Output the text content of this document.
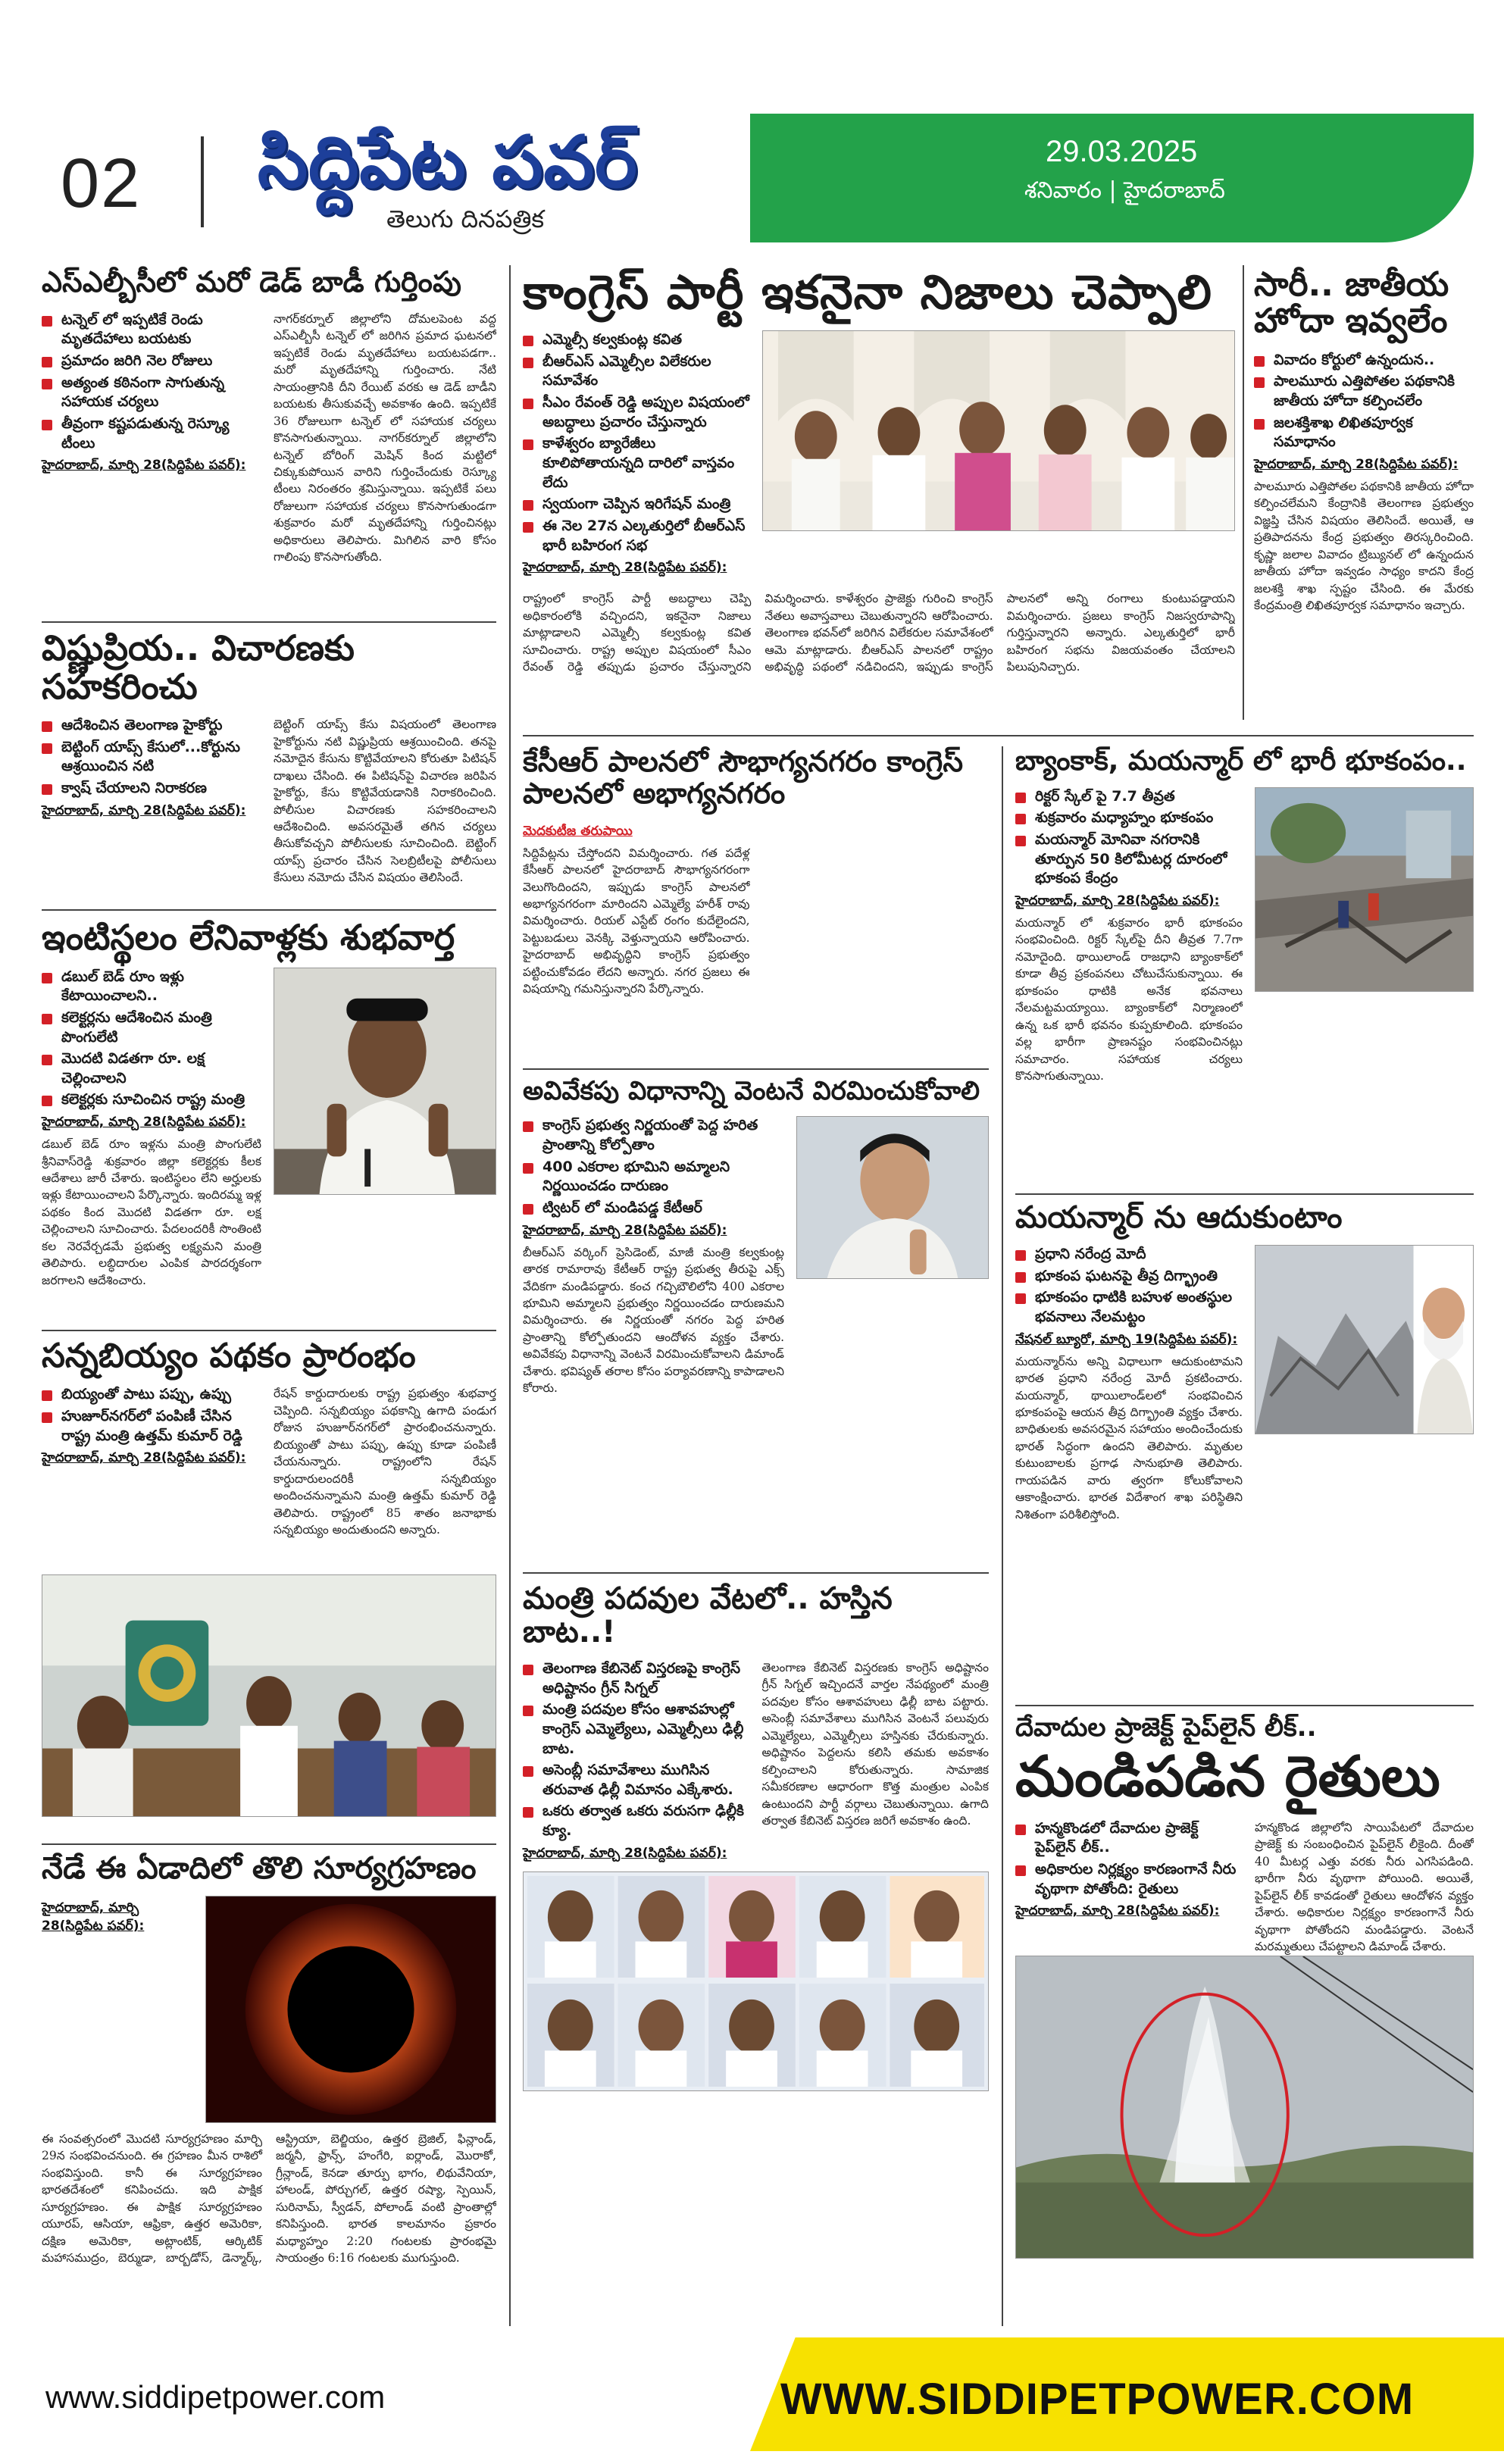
02 సిద్దిపేట పవర్
తెలుగు దినపత్రిక
29.03.2025
శనివారం | హైదరాబాద్
ఎస్ఎల్బీసీలో మరో డెడ్ బాడీ గుర్తింపు
టన్నెల్ లో ఇప్పటికే రెండు మృతదేహాలు బయటకు
ప్రమాదం జరిగి నెల రోజులు
అత్యంత కఠినంగా సాగుతున్న సహాయక చర్యలు
తీవ్రంగా కష్టపడుతున్న రెస్క్యూ టీంలు
హైదరాబాద్, మార్చి 28(సిద్దిపేట పవర్):
నాగర్‌కర్నూల్ జిల్లాలోని దోమలపెంట వద్ద ఎస్ఎల్బీసీ టన్నెల్ లో జరిగిన ప్రమాద ఘటనలో ఇప్పటికే రెండు మృతదేహాలు బయటపడగా.. మరో మృతదేహాన్ని గుర్తించారు. నేటి సాయంత్రానికి దీని రేయిట్ వరకు ఆ డెడ్ బాడీని బయటకు తీసుకువచ్చే అవకాశం ఉంది. ఇప్పటికే 36 రోజులుగా టన్నెల్ లో సహాయక చర్యలు కొనసాగుతున్నాయి. నాగర్‌కర్నూల్ జిల్లాలోని టన్నెల్ బోరింగ్ మెషిన్ కింద మట్టిలో చిక్కుకుపోయిన వారిని గుర్తించేందుకు రెస్క్యూ టీంలు నిరంతరం శ్రమిస్తున్నాయి. ఇప్పటికే పలు రోజులుగా సహాయక చర్యలు కొనసాగుతుండగా శుక్రవారం మరో మృతదేహాన్ని గుర్తించినట్లు అధికారులు తెలిపారు. మిగిలిన వారి కోసం గాలింపు కొనసాగుతోంది.
విష్ణుప్రియ.. విచారణకు సహకరించు
ఆదేశించిన తెలంగాణ హైకోర్టు
బెట్టింగ్ యాప్స్ కేసులో...కోర్టును ఆశ్రయించిన నటి
క్వాష్ చేయాలని నిరాకరణ
హైదరాబాద్, మార్చి 28(సిద్దిపేట పవర్):
బెట్టింగ్ యాప్స్ కేసు విషయంలో తెలంగాణ హైకోర్టును నటి విష్ణుప్రియ ఆశ్రయించింది. తనపై నమోదైన కేసును కొట్టివేయాలని కోరుతూ పిటిషన్ దాఖలు చేసింది. ఈ పిటిషన్‌పై విచారణ జరిపిన హైకోర్టు, కేసు కొట్టివేయడానికి నిరాకరించింది. పోలీసుల విచారణకు సహకరించాలని ఆదేశించింది. అవసరమైతే తగిన చర్యలు తీసుకోవచ్చని పోలీసులకు సూచించింది. బెట్టింగ్ యాప్స్ ప్రచారం చేసిన సెలబ్రిటీలపై పోలీసులు కేసులు నమోదు చేసిన విషయం తెలిసిందే.
ఇంటిస్థలం లేనివాళ్లకు శుభవార్త
డబుల్ బెడ్ రూం ఇళ్లు కేటాయించాలని..
కలెక్టర్లను ఆదేశించిన మంత్రి పొంగులేటి
మొదటి విడతగా రూ. లక్ష చెల్లించాలని
కలెక్టర్లకు సూచించిన రాష్ట్ర మంత్రి
హైదరాబాద్, మార్చి 28(సిద్దిపేట పవర్):
డబుల్ బెడ్ రూం ఇళ్లను మంత్రి పొంగులేటి శ్రీనివాస్‌రెడ్డి శుక్రవారం జిల్లా కలెక్టర్లకు కీలక ఆదేశాలు జారీ చేశారు. ఇంటిస్థలం లేని అర్హులకు ఇళ్లు కేటాయించాలని పేర్కొన్నారు. ఇందిరమ్మ ఇళ్ల పథకం కింద మొదటి విడతగా రూ. లక్ష చెల్లించాలని సూచించారు. పేదలందరికీ సొంతింటి కల నెరవేర్చడమే ప్రభుత్వ లక్ష్యమని మంత్రి తెలిపారు. లబ్ధిదారుల ఎంపిక పారదర్శకంగా జరగాలని ఆదేశించారు.
సన్నబియ్యం పథకం ప్రారంభం
బియ్యంతో పాటు పప్పు, ఉప్పు
హుజూర్‌నగర్‌లో పంపిణీ చేసిన రాష్ట్ర మంత్రి ఉత్తమ్ కుమార్ రెడ్డి
హైదరాబాద్, మార్చి 28(సిద్దిపేట పవర్):
రేషన్ కార్డుదారులకు రాష్ట్ర ప్రభుత్వం శుభవార్త చెప్పింది. సన్నబియ్యం పథకాన్ని ఉగాది పండుగ రోజున హుజూర్‌నగర్‌లో ప్రారంభించనున్నారు. బియ్యంతో పాటు పప్పు, ఉప్పు కూడా పంపిణీ చేయనున్నారు. రాష్ట్రంలోని రేషన్ కార్డుదారులందరికీ సన్నబియ్యం అందించనున్నామని మంత్రి ఉత్తమ్ కుమార్ రెడ్డి తెలిపారు. రాష్ట్రంలో 85 శాతం జనాభాకు సన్నబియ్యం అందుతుందని అన్నారు.
నేడే ఈ ఏడాదిలో తొలి సూర్యగ్రహణం
హైదరాబాద్, మార్చి 28(సిద్దిపేట పవర్):
ఈ సంవత్సరంలో మొదటి సూర్యగ్రహణం మార్చి 29న సంభవించనుంది. ఈ గ్రహణం మీన రాశిలో సంభవిస్తుంది. కానీ ఈ సూర్యగ్రహణం భారతదేశంలో కనిపించదు. ఇది పాక్షిక సూర్యగ్రహణం. ఈ పాక్షిక సూర్యగ్రహణం యూరప్, ఆసియా, ఆఫ్రికా, ఉత్తర అమెరికా, దక్షిణ అమెరికా, అట్లాంటిక్, ఆర్కిటిక్ మహాసముద్రం, బెర్ముడా, బార్బడోస్, డెన్మార్క్, ఆస్ట్రియా, బెల్జియం, ఉత్తర బ్రెజిల్, ఫిన్లాండ్, జర్మనీ, ఫ్రాన్స్, హంగేరి, ఐర్లాండ్, మొరాకో, గ్రీన్లాండ్, కెనడా తూర్పు భాగం, లిథువేనియా, హాలండ్, పోర్చుగల్, ఉత్తర రష్యా, స్పెయిన్, సురినామ్, స్వీడన్, పోలాండ్ వంటి ప్రాంతాల్లో కనిపిస్తుంది. భారత కాలమానం ప్రకారం మధ్యాహ్నం 2:20 గంటలకు ప్రారంభమై సాయంత్రం 6:16 గంటలకు ముగుస్తుంది.
కాంగ్రెస్ పార్టీ ఇకనైనా నిజాలు చెప్పాలి
ఎమ్మెల్సీ కల్వకుంట్ల కవిత
బీఆర్ఎస్ ఎమ్మెల్సీల విలేకరుల సమావేశం
సీఎం రేవంత్ రెడ్డి అప్పుల విషయంలో అబద్ధాలు ప్రచారం చేస్తున్నారు
కాళేశ్వరం బ్యారేజీలు కూలిపోతాయన్నది దారిలో వాస్తవం లేదు
స్వయంగా చెప్పిన ఇరిగేషన్ మంత్రి
ఈ నెల 27న ఎల్కతుర్తిలో బీఆర్ఎస్ భారీ బహిరంగ సభ
హైదరాబాద్, మార్చి 28(సిద్దిపేట పవర్):
రాష్ట్రంలో కాంగ్రెస్ పార్టీ అబద్ధాలు చెప్పి అధికారంలోకి వచ్చిందని, ఇకనైనా నిజాలు మాట్లాడాలని ఎమ్మెల్సీ కల్వకుంట్ల కవిత సూచించారు. రాష్ట్ర అప్పుల విషయంలో సీఎం రేవంత్ రెడ్డి తప్పుడు ప్రచారం చేస్తున్నారని విమర్శించారు. కాళేశ్వరం ప్రాజెక్టు గురించి కాంగ్రెస్ నేతలు అవాస్తవాలు చెబుతున్నారని ఆరోపించారు. తెలంగాణ భవన్‌లో జరిగిన విలేకరుల సమావేశంలో ఆమె మాట్లాడారు. బీఆర్ఎస్ పాలనలో రాష్ట్రం అభివృద్ధి పథంలో నడిచిందని, ఇప్పుడు కాంగ్రెస్ పాలనలో అన్ని రంగాలు కుంటుపడ్డాయని విమర్శించారు. ప్రజలు కాంగ్రెస్ నిజస్వరూపాన్ని గుర్తిస్తున్నారని అన్నారు. ఎల్కతుర్తిలో భారీ బహిరంగ సభను విజయవంతం చేయాలని పిలుపునిచ్చారు.
సారీ.. జాతీయ హోదా ఇవ్వలేం
వివాదం కోర్టులో ఉన్నందున..
పాలమూరు ఎత్తిపోతల పథకానికి జాతీయ హోదా కల్పించలేం
జలశక్తిశాఖ లిఖితపూర్వక సమాధానం
హైదరాబాద్, మార్చి 28(సిద్దిపేట పవర్):
పాలమూరు ఎత్తిపోతల పథకానికి జాతీయ హోదా కల్పించలేమని కేంద్రానికి తెలంగాణ ప్రభుత్వం విజ్ఞప్తి చేసిన విషయం తెలిసిందే. అయితే, ఆ ప్రతిపాదనను కేంద్ర ప్రభుత్వం తిరస్కరించింది. కృష్ణా జలాల వివాదం ట్రిబ్యునల్ లో ఉన్నందున జాతీయ హోదా ఇవ్వడం సాధ్యం కాదని కేంద్ర జలశక్తి శాఖ స్పష్టం చేసింది. ఈ మేరకు కేంద్రమంత్రి లిఖితపూర్వక సమాధానం ఇచ్చారు.
కేసీఆర్ పాలనలో సౌభాగ్యనగరం కాంగ్రెస్ పాలనలో అభాగ్యనగరం
మెదకుటీజ తరుపాయి
సిద్దిపేట్లను చేస్తోందని విమర్శించారు. గత పదేళ్ల కేసీఆర్ పాలనలో హైదరాబాద్ సౌభాగ్యనగరంగా వెలుగొందిందని, ఇప్పుడు కాంగ్రెస్ పాలనలో అభాగ్యనగరంగా మారిందని ఎమ్మెల్యే హరీశ్ రావు విమర్శించారు. రియల్ ఎస్టేట్ రంగం కుదేలైందని, పెట్టుబడులు వెనక్కి వెళ్తున్నాయని ఆరోపించారు. హైదరాబాద్ అభివృద్ధిని కాంగ్రెస్ ప్రభుత్వం పట్టించుకోవడం లేదని అన్నారు. నగర ప్రజలు ఈ విషయాన్ని గమనిస్తున్నారని పేర్కొన్నారు.
అవివేకపు విధానాన్ని వెంటనే విరమించుకోవాలి
కాంగ్రెస్ ప్రభుత్వ నిర్ణయంతో పెద్ద హరిత ప్రాంతాన్ని కోల్పోతాం
400 ఎకరాల భూమిని అమ్మాలని నిర్ణయించడం దారుణం
ట్విటర్ లో మండిపడ్డ కేటీఆర్
హైదరాబాద్, మార్చి 28(సిద్దిపేట పవర్):
బీఆర్ఎస్ వర్కింగ్ ప్రెసిడెంట్, మాజీ మంత్రి కల్వకుంట్ల తారక రామారావు కేటీఆర్ రాష్ట్ర ప్రభుత్వ తీరుపై ఎక్స్ వేదికగా మండిపడ్డారు. కంచ గచ్చిబౌలిలోని 400 ఎకరాల భూమిని అమ్మాలని ప్రభుత్వం నిర్ణయించడం దారుణమని విమర్శించారు. ఈ నిర్ణయంతో నగరం పెద్ద హరిత ప్రాంతాన్ని కోల్పోతుందని ఆందోళన వ్యక్తం చేశారు. అవివేకపు విధానాన్ని వెంటనే విరమించుకోవాలని డిమాండ్ చేశారు. భవిష్యత్ తరాల కోసం పర్యావరణాన్ని కాపాడాలని కోరారు.
మంత్రి పదవుల వేటలో.. హస్తిన బాట..!
తెలంగాణ కేబినెట్ విస్తరణపై కాంగ్రెస్ అధిష్టానం గ్రీన్ సిగ్నల్
మంత్రి పదవుల కోసం ఆశావహుల్లో కాంగ్రెస్ ఎమ్మెల్యేలు, ఎమ్మెల్సీలు ఢిల్లీ బాట.
అసెంబ్లీ సమావేశాలు ముగిసిన తరువాత ఢిల్లీ విమానం ఎక్కేశారు.
ఒకరు తర్వాత ఒకరు వరుసగా ఢిల్లీకి క్యూ.
హైదరాబాద్, మార్చి 28(సిద్దిపేట పవర్):
తెలంగాణ కేబినెట్ విస్తరణకు కాంగ్రెస్ అధిష్టానం గ్రీన్ సిగ్నల్ ఇచ్చిందనే వార్తల నేపథ్యంలో మంత్రి పదవుల కోసం ఆశావహులు ఢిల్లీ బాట పట్టారు. అసెంబ్లీ సమావేశాలు ముగిసిన వెంటనే పలువురు ఎమ్మెల్యేలు, ఎమ్మెల్సీలు హస్తినకు చేరుకున్నారు. అధిష్టానం పెద్దలను కలిసి తమకు అవకాశం కల్పించాలని కోరుతున్నారు. సామాజిక సమీకరణాల ఆధారంగా కొత్త మంత్రుల ఎంపిక ఉంటుందని పార్టీ వర్గాలు చెబుతున్నాయి. ఉగాది తర్వాత కేబినెట్ విస్తరణ జరిగే అవకాశం ఉంది.
బ్యాంకాక్, మయన్మార్ లో భారీ భూకంపం..
రిక్టర్ స్కేల్ పై 7.7 తీవ్రత
శుక్రవారం మధ్యాహ్నం భూకంపం
మయన్మార్ మోనివా నగరానికి తూర్పున 50 కిలోమీటర్ల దూరంలో భూకంప కేంద్రం
హైదరాబాద్, మార్చి 28(సిద్దిపేట పవర్):
మయన్మార్ లో శుక్రవారం భారీ భూకంపం సంభవించింది. రిక్టర్ స్కేల్‌పై దీని తీవ్రత 7.7గా నమోదైంది. థాయిలాండ్ రాజధాని బ్యాంకాక్‌లో కూడా తీవ్ర ప్రకంపనలు చోటుచేసుకున్నాయి. ఈ భూకంపం ధాటికి అనేక భవనాలు నేలమట్టమయ్యాయి. బ్యాంకాక్‌లో నిర్మాణంలో ఉన్న ఒక భారీ భవనం కుప్పకూలింది. భూకంపం వల్ల భారీగా ప్రాణనష్టం సంభవించినట్లు సమాచారం. సహాయక చర్యలు కొనసాగుతున్నాయి.
మయన్మార్ ను ఆదుకుంటాం
ప్రధాని నరేంద్ర మోదీ
భూకంప ఘటనపై తీవ్ర దిగ్భ్రాంతి
భూకంపం ధాటికి బహుళ అంతస్థుల భవనాలు నేలమట్టం
నేషనల్ బ్యూరో, మార్చి 19(సిద్దిపేట పవర్):
మయన్మార్‌ను అన్ని విధాలుగా ఆదుకుంటామని భారత ప్రధాని నరేంద్ర మోదీ ప్రకటించారు. మయన్మార్, థాయిలాండ్‌లలో సంభవించిన భూకంపంపై ఆయన తీవ్ర దిగ్భ్రాంతి వ్యక్తం చేశారు. బాధితులకు అవసరమైన సహాయం అందించేందుకు భారత్ సిద్ధంగా ఉందని తెలిపారు. మృతుల కుటుంబాలకు ప్రగాఢ సానుభూతి తెలిపారు. గాయపడిన వారు త్వరగా కోలుకోవాలని ఆకాంక్షించారు. భారత విదేశాంగ శాఖ పరిస్థితిని నిశితంగా పరిశీలిస్తోంది.
దేవాదుల ప్రాజెక్ట్ పైప్‌లైన్ లీక్..
మండిపడిన రైతులు
హన్మకొండలో దేవాదుల ప్రాజెక్ట్ పైప్‌లైన్ లీక్..
అధికారుల నిర్లక్ష్యం కారణంగానే నీరు వృథాగా పోతోంది: రైతులు
హైదరాబాద్, మార్చి 28(సిద్దిపేట పవర్):
హన్మకొండ జిల్లాలోని సాయిపేటలో దేవాదుల ప్రాజెక్ట్ కు సంబంధించిన పైప్‌లైన్ లీకైంది. దీంతో 40 మీటర్ల ఎత్తు వరకు నీరు ఎగసిపడింది. భారీగా నీరు వృథాగా పోయింది. అయితే, పైప్‌లైన్ లీక్ కావడంతో రైతులు ఆందోళన వ్యక్తం చేశారు. అధికారుల నిర్లక్ష్యం కారణంగానే నీరు వృథాగా పోతోందని మండిపడ్డారు. వెంటనే మరమ్మతులు చేపట్టాలని డిమాండ్ చేశారు.
www.siddipetpower.com	WWW.SIDDIPETPOWER.COM
